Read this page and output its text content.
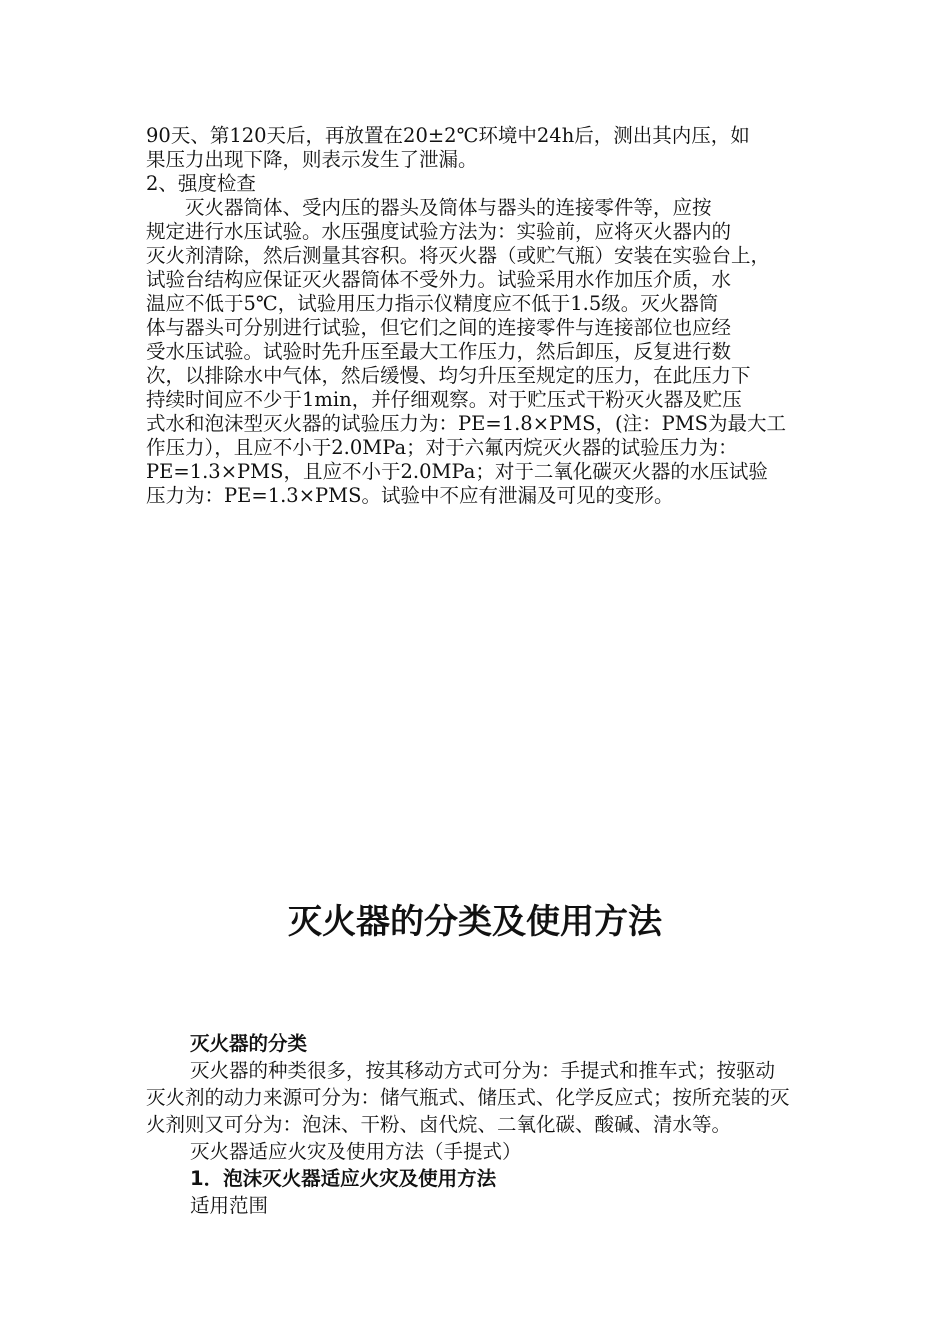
90天、第120天后，再放置在20±2℃环境中24h后，测出其内压，如
果压力出现下降，则表示发生了泄漏。
2、强度检查
　　灭火器筒体、受内压的器头及筒体与器头的连接零件等，应按
规定进行水压试验。水压强度试验方法为：实验前，应将灭火器内的
灭火剂清除，然后测量其容积。将灭火器（或贮气瓶）安装在实验台上，
试验台结构应保证灭火器筒体不受外力。试验采用水作加压介质，水
温应不低于5℃，试验用压力指示仪精度应不低于1.5级。灭火器筒
体与器头可分别进行试验，但它们之间的连接零件与连接部位也应经
受水压试验。试验时先升压至最大工作压力，然后卸压，反复进行数
次，以排除水中气体，然后缓慢、均匀升压至规定的压力，在此压力下
持续时间应不少于1min，并仔细观察。对于贮压式干粉灭火器及贮压
式水和泡沫型灭火器的试验压力为：PE=1.8×PMS，(注：PMS为最大工
作压力），且应不小于2.0MPa；对于六氟丙烷灭火器的试验压力为：
PE=1.3×PMS，且应不小于2.0MPa；对于二氧化碳灭火器的水压试验
压力为：PE=1.3×PMS。试验中不应有泄漏及可见的变形。
灭火器的分类及使用方法
灭火器的分类
灭火器的种类很多，按其移动方式可分为：手提式和推车式；按驱动
灭火剂的动力来源可分为：储气瓶式、储压式、化学反应式；按所充装的灭
火剂则又可分为：泡沫、干粉、卤代烷、二氧化碳、酸碱、清水等。
灭火器适应火灾及使用方法（手提式）
1．泡沫灭火器适应火灾及使用方法
适用范围
